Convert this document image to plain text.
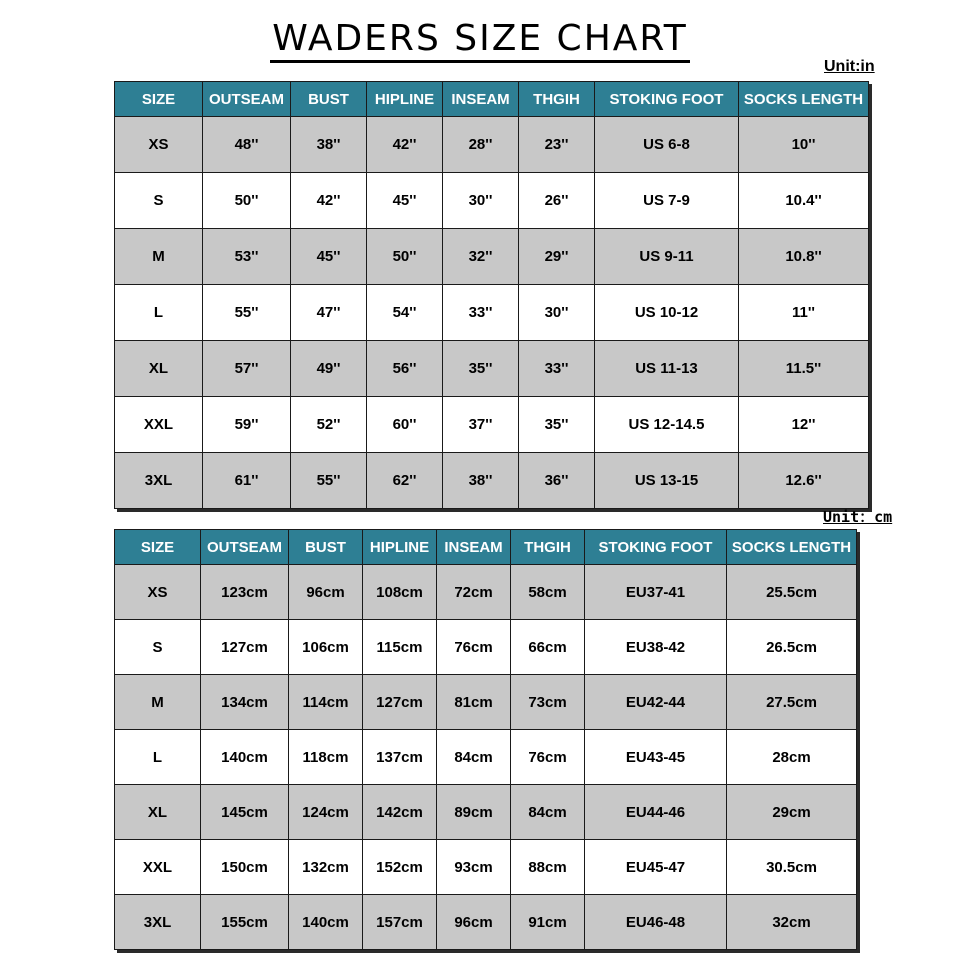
WADERS SIZE CHART
Unit:in
SIZE	OUTSEAM	BUST	HIPLINE	INSEAM	THGIH	STOKING FOOT	SOCKS LENGTH
XS	48''	38''	42''	28''	23''	US 6-8	10''
S	50''	42''	45''	30''	26''	US 7-9	10.4''
M	53''	45''	50''	32''	29''	US 9-11	10.8''
L	55''	47''	54''	33''	30''	US 10-12	11''
XL	57''	49''	56''	35''	33''	US 11-13	11.5''
XXL	59''	52''	60''	37''	35''	US 12-14.5	12''
3XL	61''	55''	62''	38''	36''	US 13-15	12.6''
Unit：cm
SIZE	OUTSEAM	BUST	HIPLINE	INSEAM	THGIH	STOKING FOOT	SOCKS LENGTH
XS	123cm	96cm	108cm	72cm	58cm	EU37-41	25.5cm
S	127cm	106cm	115cm	76cm	66cm	EU38-42	26.5cm
M	134cm	114cm	127cm	81cm	73cm	EU42-44	27.5cm
L	140cm	118cm	137cm	84cm	76cm	EU43-45	28cm
XL	145cm	124cm	142cm	89cm	84cm	EU44-46	29cm
XXL	150cm	132cm	152cm	93cm	88cm	EU45-47	30.5cm
3XL	155cm	140cm	157cm	96cm	91cm	EU46-48	32cm
